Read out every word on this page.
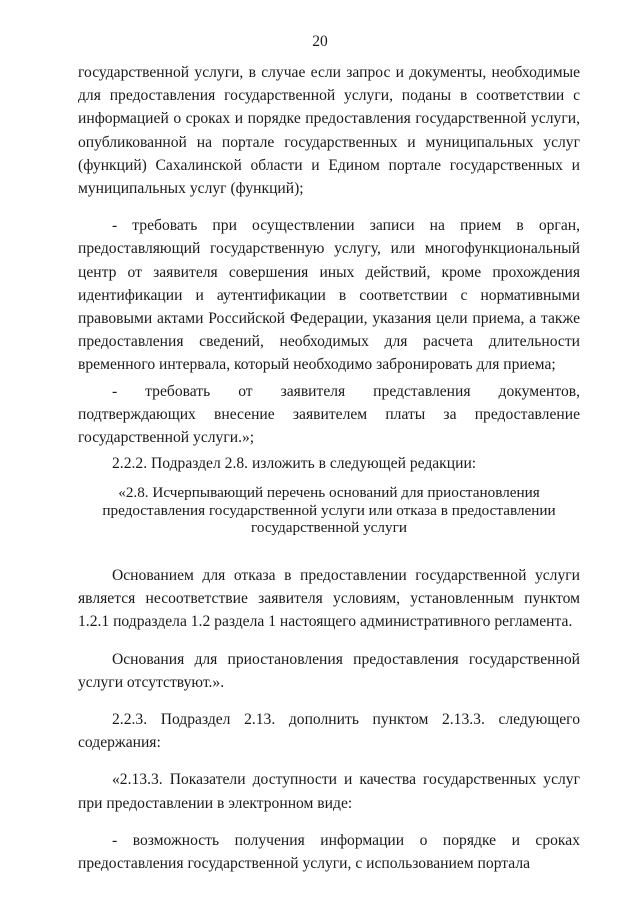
20

государственной услуги, в случае если запрос и документы, необходимые для предоставления государственной услуги, поданы в соответствии с информацией о сроках и порядке предоставления государственной услуги, опубликованной на портале государственных и муниципальных услуг (функций) Сахалинской области и Едином портале государственных и муниципальных услуг (функций);

- требовать при осуществлении записи на прием в орган, предоставляющий государственную услугу, или многофункциональный центр от заявителя совершения иных действий, кроме прохождения идентификации и аутентификации в соответствии с нормативными правовыми актами Российской Федерации, указания цели приема, а также предоставления сведений, необходимых для расчета длительности временного интервала, который необходимо забронировать для приема;

- требовать от заявителя представления документов, подтверждающих внесение заявителем платы за предоставление государственной услуги.»;

2.2.2. Подраздел 2.8. изложить в следующей редакции:

«2.8. Исчерпывающий перечень оснований для приостановления
предоставления государственной услуги или отказа в предоставлении
государственной услуги

Основанием для отказа в предоставлении государственной услуги является несоответствие заявителя условиям, установленным пунктом 1.2.1 подраздела 1.2 раздела 1 настоящего административного регламента.

Основания для приостановления предоставления государственной услуги отсутствуют.».

2.2.3. Подраздел 2.13. дополнить пунктом 2.13.3. следующего содержания:

«2.13.3. Показатели доступности и качества государственных услуг при предоставлении в электронном виде:

- возможность получения информации о порядке и сроках предоставления государственной услуги, с использованием портала
